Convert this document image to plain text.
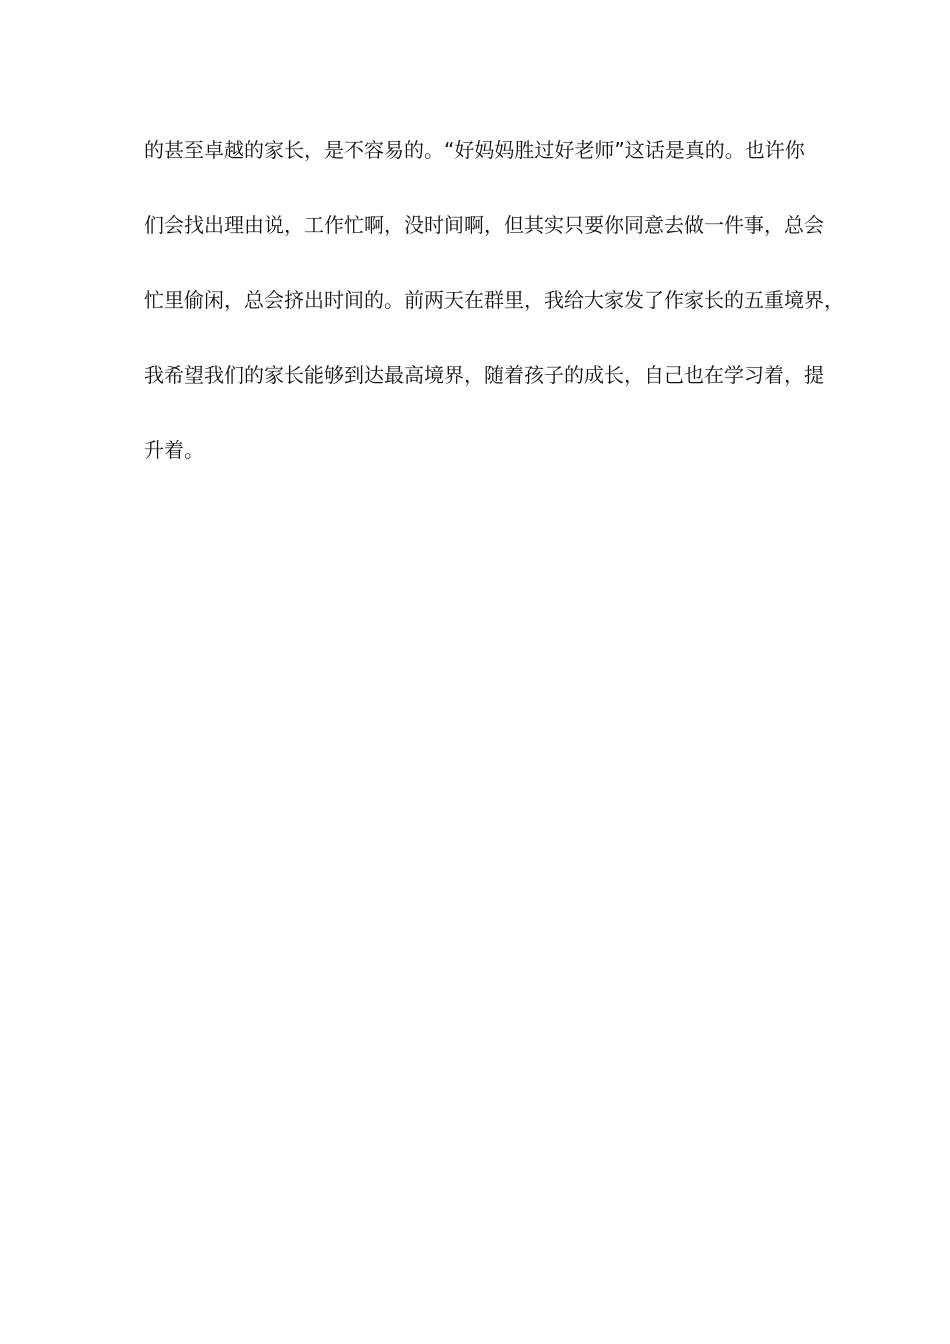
的甚至卓越的家长，是不容易的。“好妈妈胜过好老师”这话是真的。也许你
们会找出理由说，工作忙啊，没时间啊，但其实只要你同意去做一件事，总会
忙里偷闲，总会挤出时间的。前两天在群里，我给大家发了作家长的五重境界，
我希望我们的家长能够到达最高境界，随着孩子的成长，自己也在学习着，提
升着。
